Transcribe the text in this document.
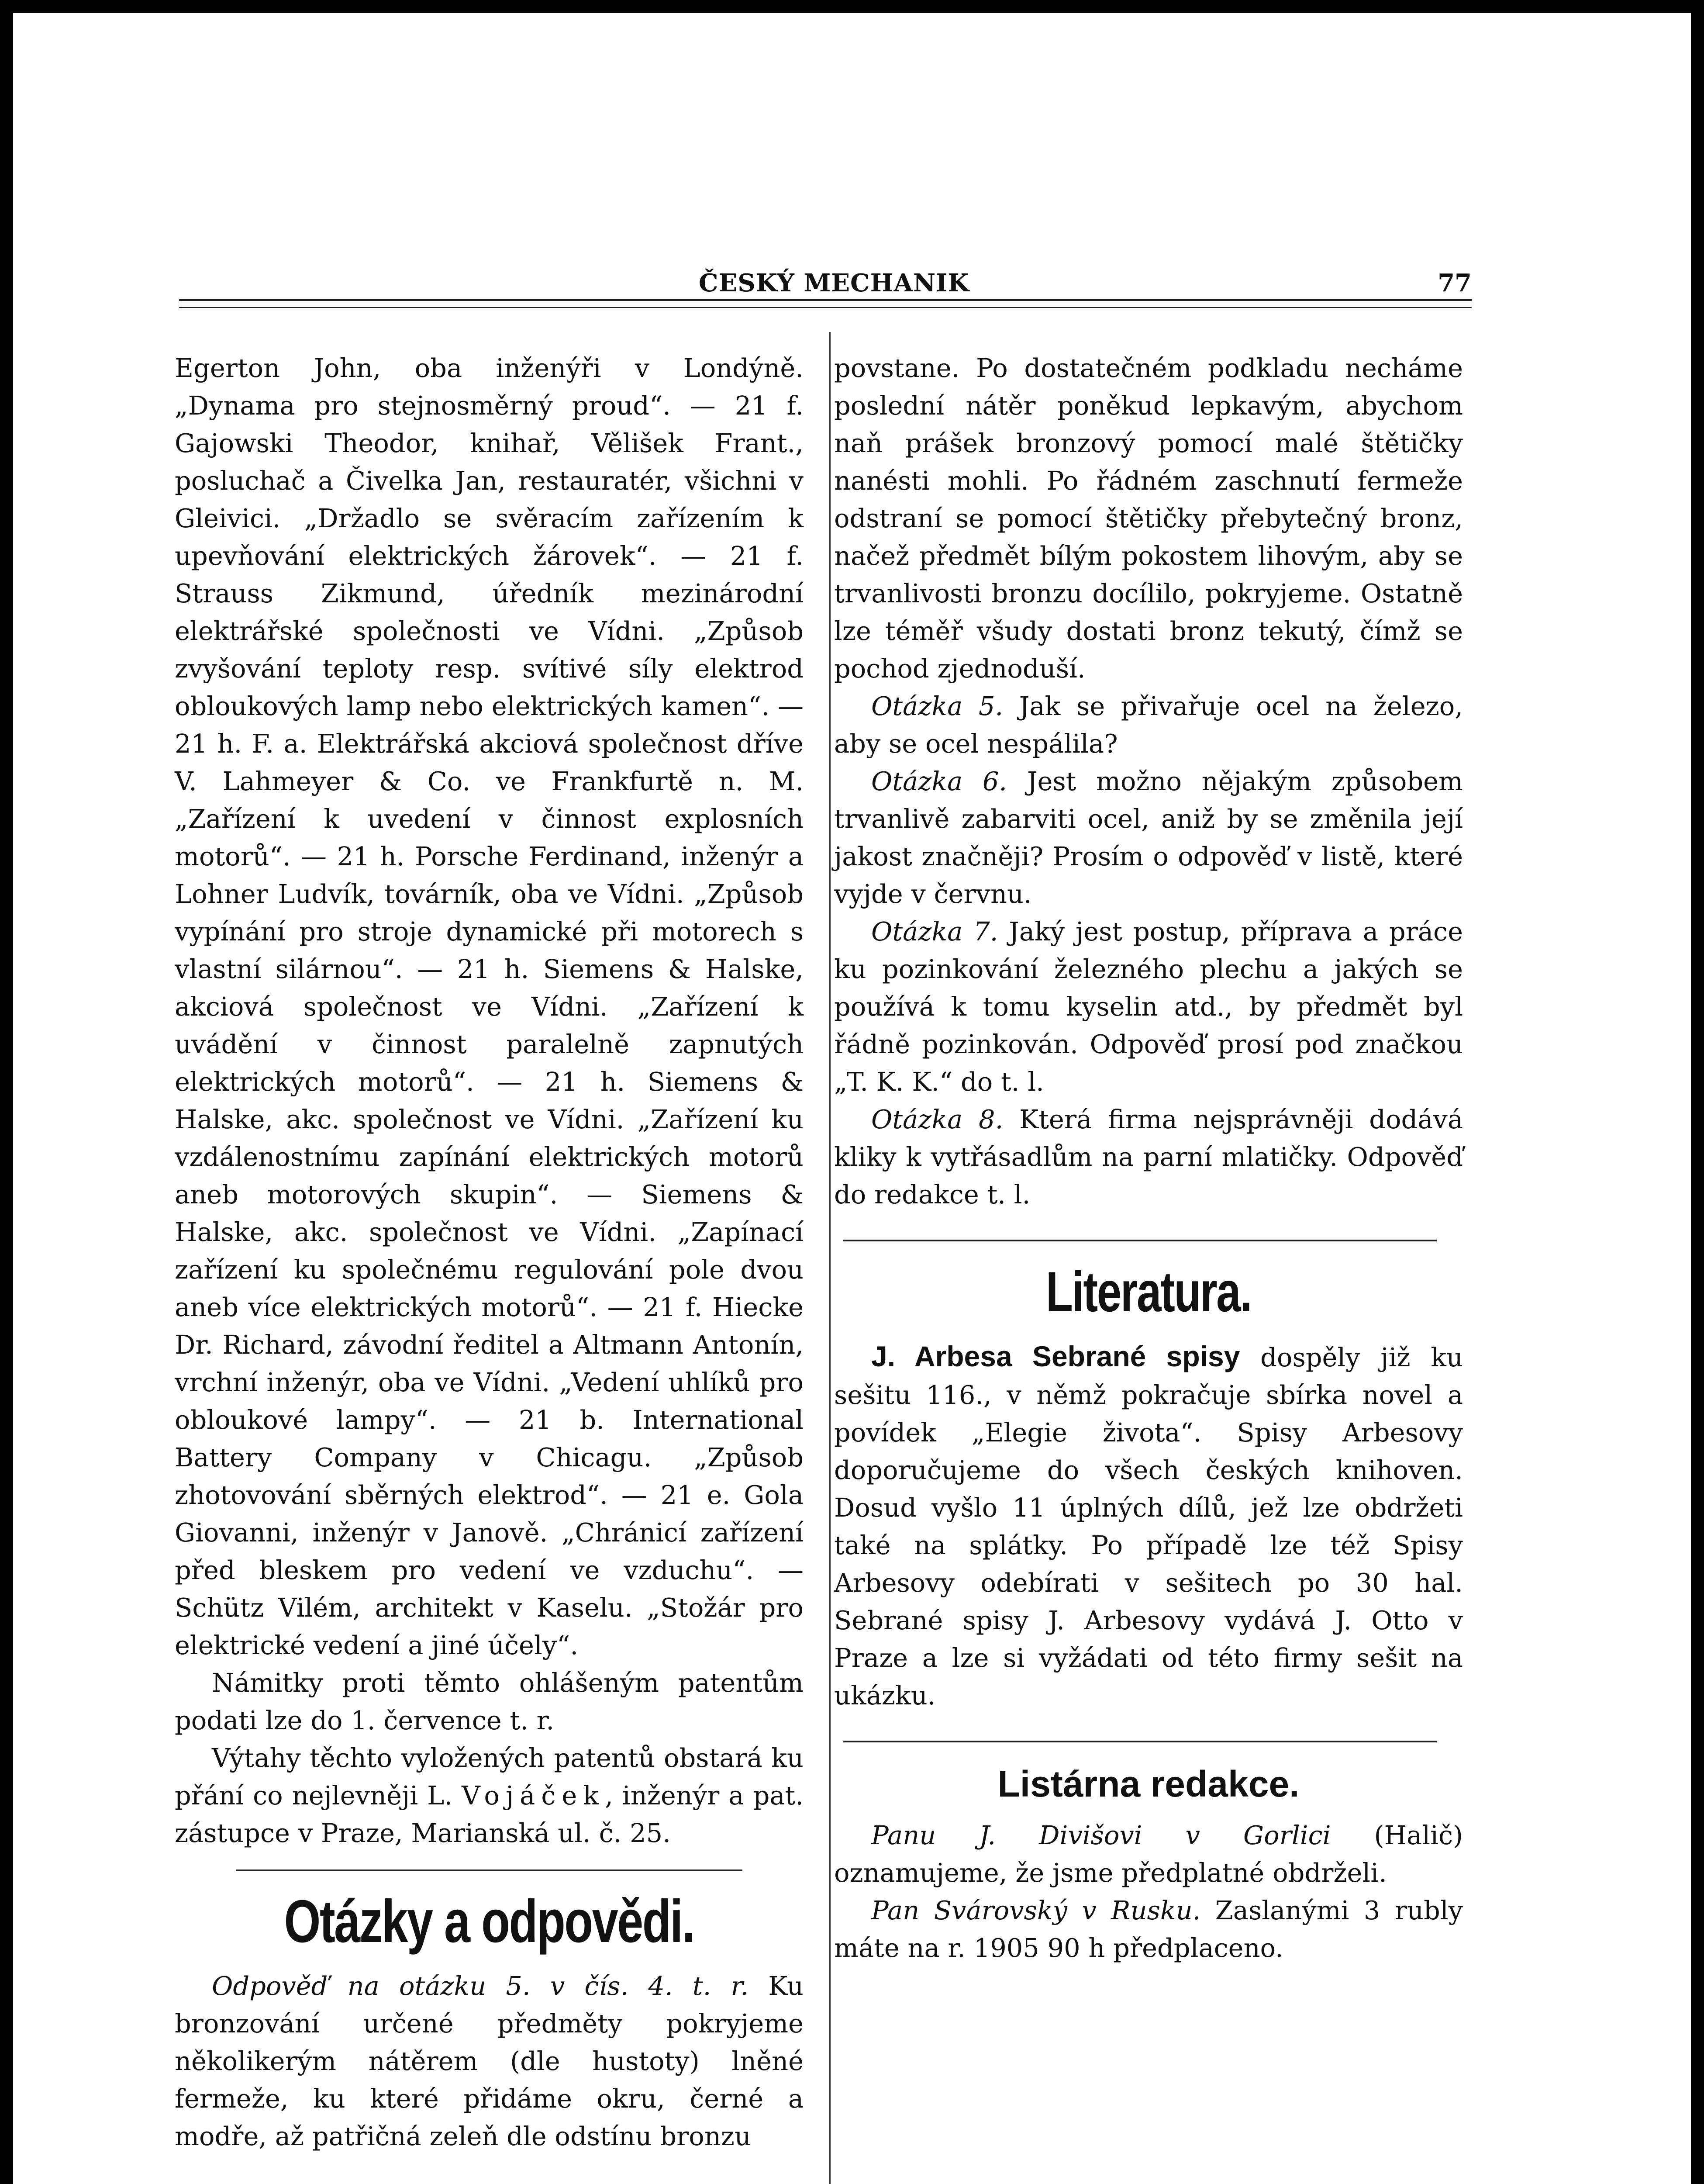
ČESKÝ MECHANIK	77

Egerton John, oba inženýři v Londýně. „Dynama pro stejnosměrný proud“. — 21 f. Gajowski Theodor, knihař, Vělišek Frant., posluchač a Čivelka Jan, restauratér, všichni v Gleivici. „Držadlo se svěracím zařízením k upevňování elektrických žárovek“. — 21 f. Strauss Zikmund, úředník mezinárodní elektrářské společnosti ve Vídni. „Způsob zvyšování teploty resp. svítivé síly elektrod obloukových lamp nebo elektrických kamen“. — 21 h. F. a. Elektrářská akciová společnost dříve V. Lahmeyer & Co. ve Frankfurtě n. M. „Zařízení k uvedení v činnost explosních motorů“. — 21 h. Porsche Ferdinand, inženýr a Lohner Ludvík, továrník, oba ve Vídni. „Způsob vypínání pro stroje dynamické při motorech s vlastní silárnou“. — 21 h. Siemens & Halske, akciová společnost ve Vídni. „Zařízení k uvádění v činnost paralelně zapnutých elektrických motorů“. — 21 h. Siemens & Halske, akc. společnost ve Vídni. „Zařízení ku vzdálenostnímu zapínání elektrických motorů aneb motorových skupin“. — Siemens & Halske, akc. společnost ve Vídni. „Zapínací zařízení ku společnému regulování pole dvou aneb více elektrických motorů“. — 21 f. Hiecke Dr. Richard, závodní ředitel a Altmann Antonín, vrchní inženýr, oba ve Vídni. „Vedení uhlíků pro obloukové lampy“. — 21 b. International Battery Company v Chicagu. „Způsob zhotovování sběrných elektrod“. — 21 e. Gola Giovanni, inženýr v Janově. „Chránicí zařízení před bleskem pro vedení ve vzduchu“. — Schütz Vilém, architekt v Kaselu. „Stožár pro elektrické vedení a jiné účely“.

Námitky proti těmto ohlášeným patentům podati lze do 1. července t. r.

Výtahy těchto vyložených patentů obstará ku přání co nejlevněji L. Vojáček, inženýr a pat. zástupce v Praze, Marianská ul. č. 25.

Otázky a odpovědi.

Odpověď na otázku 5. v čís. 4. t. r. Ku bronzování určené předměty pokryjeme několikerým nátěrem (dle hustoty) lněné fermeže, ku které přidáme okru, černé a modře, až patřičná zeleň dle odstínu bronzu

povstane. Po dostatečném podkladu necháme poslední nátěr poněkud lepkavým, abychom naň prášek bronzový pomocí malé štětičky nanésti mohli. Po řádném zaschnutí fermeže odstraní se pomocí štětičky přebytečný bronz, načež předmět bílým pokostem lihovým, aby se trvanlivosti bronzu docílilo, pokryjeme. Ostatně lze téměř všudy dostati bronz tekutý, čímž se pochod zjednoduší.

Otázka 5. Jak se přivařuje ocel na železo, aby se ocel nespálila?

Otázka 6. Jest možno nějakým způsobem trvanlivě zabarviti ocel, aniž by se změnila její jakost značněji? Prosím o odpověď v listě, které vyjde v červnu.

Otázka 7. Jaký jest postup, příprava a práce ku pozinkování železného plechu a jakých se používá k tomu kyselin atd., by předmět byl řádně pozinkován. Odpověď prosí pod značkou „T. K. K.“ do t. l.

Otázka 8. Která firma nejsprávněji dodává kliky k vytřásadlům na parní mlatičky. Odpověď do redakce t. l.

Literatura.

J. Arbesa Sebrané spisy dospěly již ku sešitu 116., v němž pokračuje sbírka novel a povídek „Elegie života“. Spisy Arbesovy doporučujeme do všech českých knihoven. Dosud vyšlo 11 úplných dílů, jež lze obdržeti také na splátky. Po případě lze též Spisy Arbesovy odebírati v sešitech po 30 hal. Sebrané spisy J. Arbesovy vydává J. Otto v Praze a lze si vyžádati od této firmy sešit na ukázku.

Listárna redakce.

Panu J. Divišovi v Gorlici (Halič) oznamujeme, že jsme předplatné obdrželi.

Pan Svárovský v Rusku. Zaslanými 3 rubly máte na r. 1905 90 h předplaceno.
